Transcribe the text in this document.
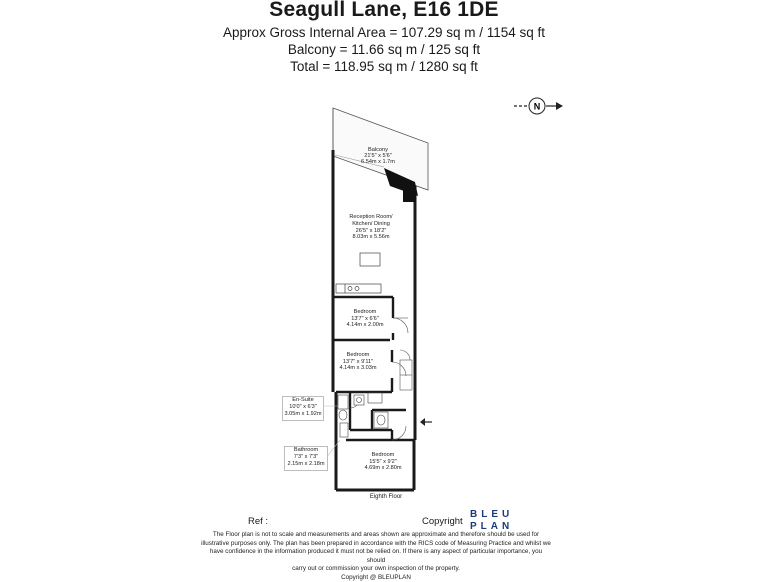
Seagull Lane, E16 1DE
Approx Gross Internal Area = 107.29 sq m / 1154 sq ft
Balcony = 11.66 sq m / 125 sq ft
Total = 118.95 sq m / 1280 sq ft
N
Balcony
21'5" x 5'6"
6.54m x 1.7m
Reception Room/
Kitchen/ Dining
26'5" x 18'2"
8.03m x 5.56m
Bedroom
13'7" x 6'6"
4.14m x 2.00m
Bedroom
13'7" x 9'11"
4.14m x 3.03m
Bedroom
15'5" x 9'2"
4.69m x 2.80m
En-Suite
10'0" x 6'3"
3.05m x 1.92m
Bathroom
7'3" x 7'3"
2.15m x 2.18m
Eighth Floor
Ref :	Copyright
BLEU
PLAN
The Floor plan is not to scale and measurements and areas shown are approximate and therefore should be used for
illustrative purposes only. The plan has been prepared in accordance with the RICS code of Measuring Practice and whilst we
have confidence in the information produced it must not be relied on. If there is any aspect of particular importance, you should
carry out or commission your own inspection of the property.
Copyright @ BLEUPLAN
